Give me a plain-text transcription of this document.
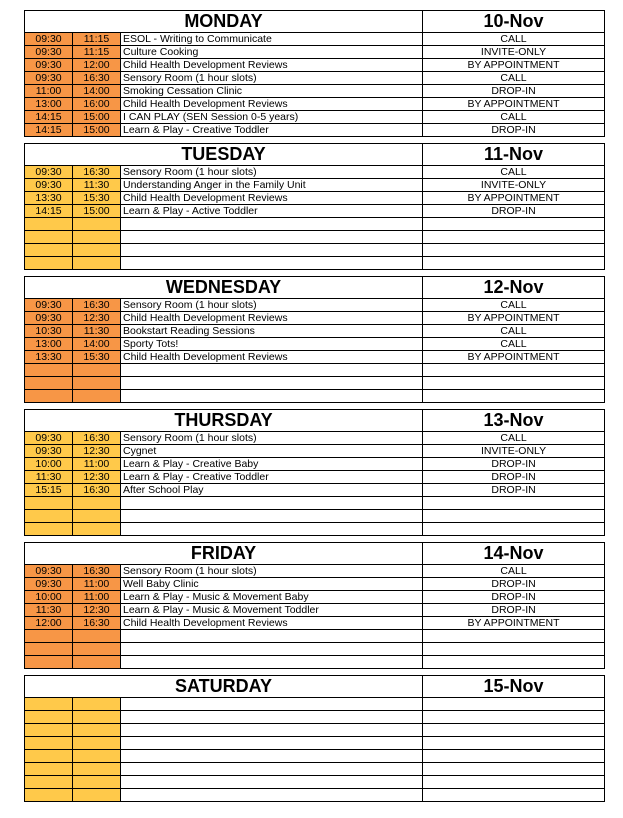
MONDAY			10-Nov
09:30	11:15	ESOL - Writing to Communicate	CALL
09:30	11:15	Culture Cooking	INVITE-ONLY
09:30	12:00	Child Health Development Reviews	BY APPOINTMENT
09:30	16:30	Sensory Room (1 hour slots)	CALL
11:00	14:00	Smoking Cessation Clinic	DROP-IN
13:00	16:00	Child Health Development Reviews	BY APPOINTMENT
14:15	15:00	I CAN PLAY (SEN Session 0-5 years)	CALL
14:15	15:00	Learn & Play - Creative Toddler	DROP-IN
TUESDAY			11-Nov
09:30	16:30	Sensory Room (1 hour slots)	CALL
09:30	11:30	Understanding Anger in the Family Unit	INVITE-ONLY
13:30	15:30	Child Health Development Reviews	BY APPOINTMENT
14:15	15:00	Learn & Play - Active Toddler	DROP-IN

WEDNESDAY			12-Nov
09:30	16:30	Sensory Room (1 hour slots)	CALL
09:30	12:30	Child Health Development Reviews	BY APPOINTMENT
10:30	11:30	Bookstart Reading Sessions	CALL
13:00	14:00	Sporty Tots!	CALL
13:30	15:30	Child Health Development Reviews	BY APPOINTMENT

THURSDAY			13-Nov
09:30	16:30	Sensory Room (1 hour slots)	CALL
09:30	12:30	Cygnet	INVITE-ONLY
10:00	11:00	Learn & Play - Creative Baby	DROP-IN
11:30	12:30	Learn & Play - Creative Toddler	DROP-IN
15:15	16:30	After School Play	DROP-IN

FRIDAY			14-Nov
09:30	16:30	Sensory Room (1 hour slots)	CALL
09:30	11:00	Well Baby Clinic	DROP-IN
10:00	11:00	Learn & Play - Music & Movement Baby	DROP-IN
11:30	12:30	Learn & Play - Music & Movement Toddler	DROP-IN
12:00	16:30	Child Health Development Reviews	BY APPOINTMENT

SATURDAY			15-Nov
